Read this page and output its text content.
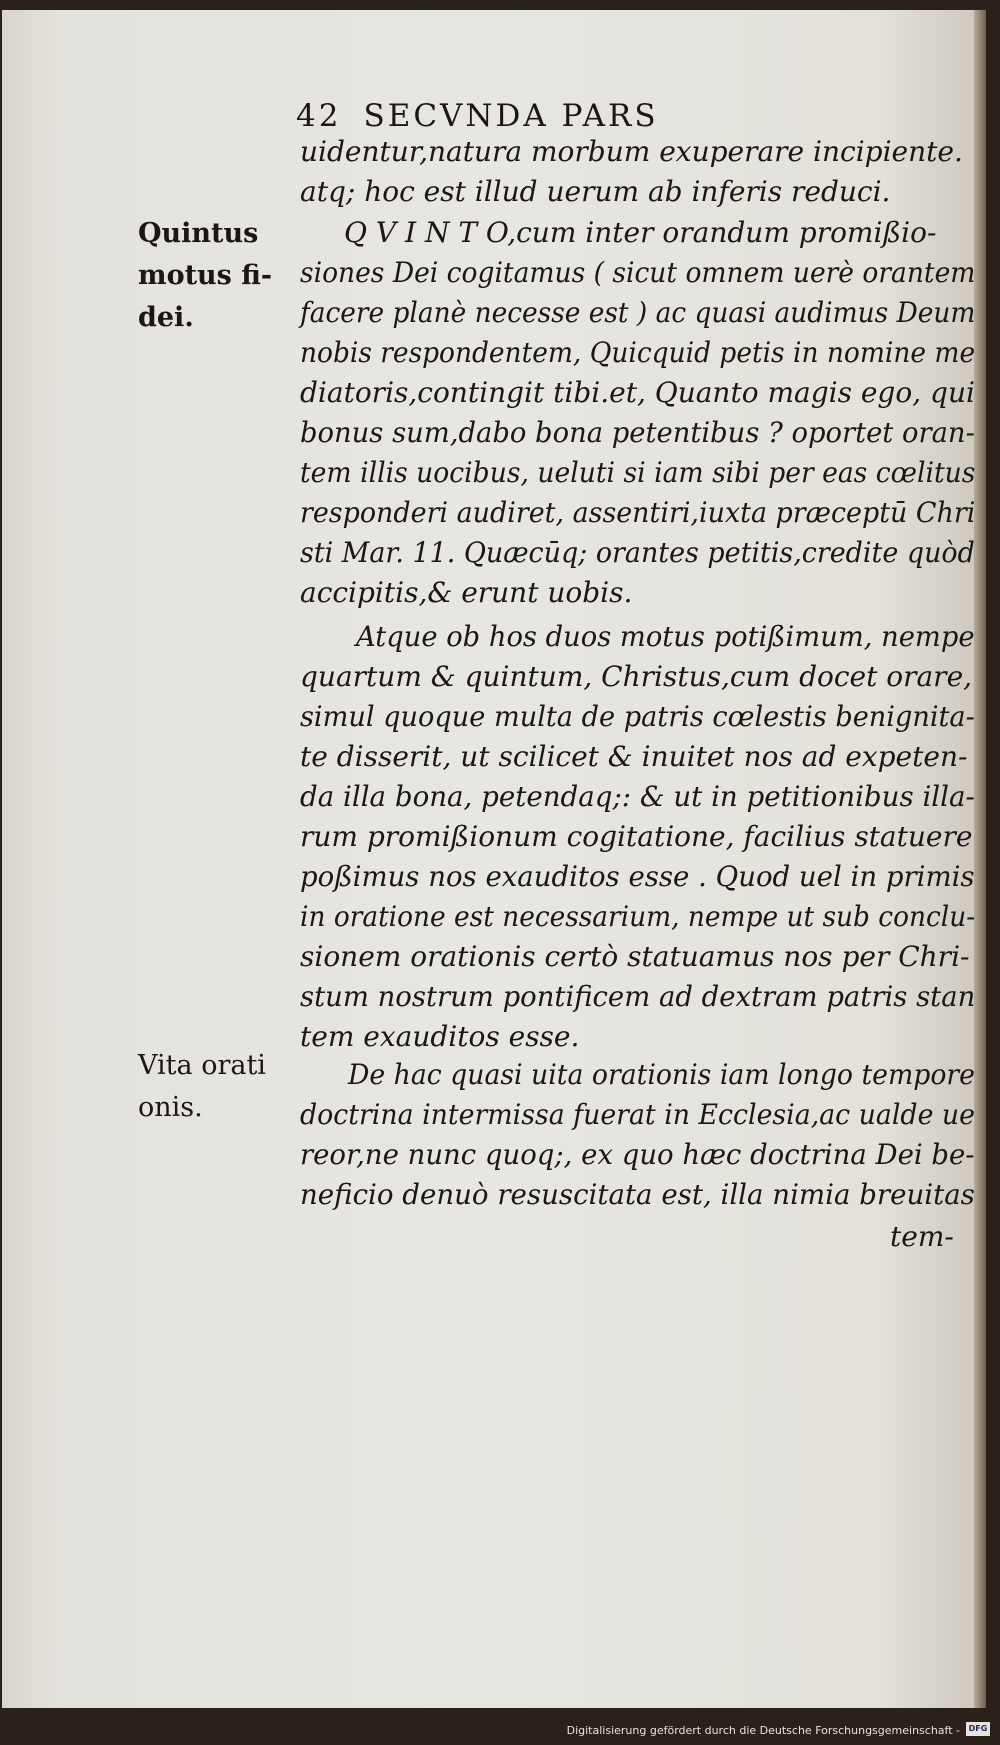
42 SECVNDA PARS
Quintus
motus fi-
dei.
Vita orati
onis.
uidentur,natura morbum exuperare incipiente.
atq; hoc est illud uerum ab inferis reduci.
Q V I N T O,cum inter orandum promißio-
siones Dei cogitamus ( sicut omnem uerè orantem
facere planè necesse est ) ac quasi audimus Deum
nobis respondentem, Quicquid petis in nomine me
diatoris,contingit tibi.et, Quanto magis ego, qui
bonus sum,dabo bona petentibus ? oportet oran-
tem illis uocibus, ueluti si iam sibi per eas cœlitus
responderi audiret, assentiri,iuxta præceptū Chri
sti Mar. 11. Quæcūq; orantes petitis,credite quòd
accipitis,& erunt uobis.
Atque ob hos duos motus potißimum, nempe
quartum & quintum, Christus,cum docet orare,
simul quoque multa de patris cœlestis benignita-
te disserit, ut scilicet & inuitet nos ad expeten-
da illa bona, petendaq;: & ut in petitionibus illa-
rum promißionum cogitatione, facilius statuere
poßimus nos exauditos esse . Quod uel in primis
in oratione est necessarium, nempe ut sub conclu-
sionem orationis certò statuamus nos per Chri-
stum nostrum pontificem ad dextram patris stan
tem exauditos esse.
De hac quasi uita orationis iam longo tempore
doctrina intermissa fuerat in Ecclesia,ac ualde ue
reor,ne nunc quoq;, ex quo hæc doctrina Dei be-
neficio denuò resuscitata est, illa nimia breuitas
tem-
Digitalisierung gefördert durch die Deutsche Forschungsgemeinschaft -	DFG
